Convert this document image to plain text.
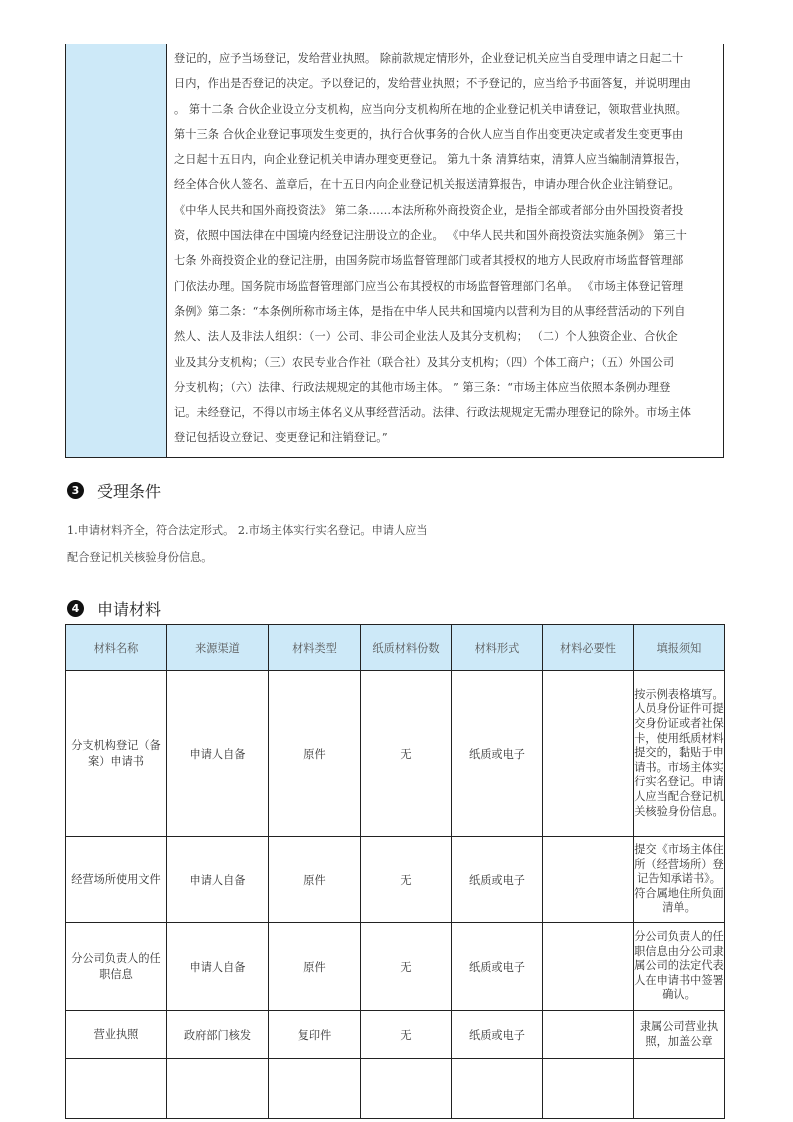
登记的，应予当场登记，发给营业执照。 除前款规定情形外，企业登记机关应当自受理申请之日起二十
日内，作出是否登记的决定。予以登记的，发给营业执照；不予登记的，应当给予书面答复，并说明理由
。 第十二条 合伙企业设立分支机构，应当向分支机构所在地的企业登记机关申请登记，领取营业执照。
第十三条 合伙企业登记事项发生变更的，执行合伙事务的合伙人应当自作出变更决定或者发生变更事由
之日起十五日内，向企业登记机关申请办理变更登记。 第九十条 清算结束，清算人应当编制清算报告，
经全体合伙人签名、盖章后，在十五日内向企业登记机关报送清算报告，申请办理合伙企业注销登记。
《中华人民共和国外商投资法》 第二条……本法所称外商投资企业，是指全部或者部分由外国投资者投
资，依照中国法律在中国境内经登记注册设立的企业。 《中华人民共和国外商投资法实施条例》 第三十
七条 外商投资企业的登记注册，由国务院市场监督管理部门或者其授权的地方人民政府市场监督管理部
门依法办理。国务院市场监督管理部门应当公布其授权的市场监督管理部门名单。 《市场主体登记管理
条例》第二条：“本条例所称市场主体，是指在中华人民共和国境内以营利为目的从事经营活动的下列自
然人、法人及非法人组织：（一）公司、非公司企业法人及其分支机构； （二）个人独资企业、合伙企
业及其分支机构；（三）农民专业合作社（联合社）及其分支机构；（四）个体工商户；（五）外国公司
分支机构；（六）法律、行政法规规定的其他市场主体。 ” 第三条：“市场主体应当依照本条例办理登
记。未经登记，不得以市场主体名义从事经营活动。法律、行政法规规定无需办理登记的除外。市场主体
登记包括设立登记、变更登记和注销登记。”
3 受理条件
1.申请材料齐全，符合法定形式。 2.市场主体实行实名登记。申请人应当
配合登记机关核验身份信息。
4 申请材料
材料名称	来源渠道	材料类型	纸质材料份数	材料形式	材料必要性	填报须知
分支机构登记（备案）申请书	申请人自备	原件	无	纸质或电子		按示例表格填写。人员身份证件可提交身份证或者社保卡，使用纸质材料提交的，黏贴于申请书。市场主体实行实名登记。申请人应当配合登记机关核验身份信息。
经营场所使用文件	申请人自备	原件	无	纸质或电子		提交《市场主体住所（经营场所）登记告知承诺书》。符合属地住所负面清单。
分公司负责人的任职信息	申请人自备	原件	无	纸质或电子		分公司负责人的任职信息由分公司隶属公司的法定代表人在申请书中签署确认。
营业执照	政府部门核发	复印件	无	纸质或电子		隶属公司营业执照，加盖公章
